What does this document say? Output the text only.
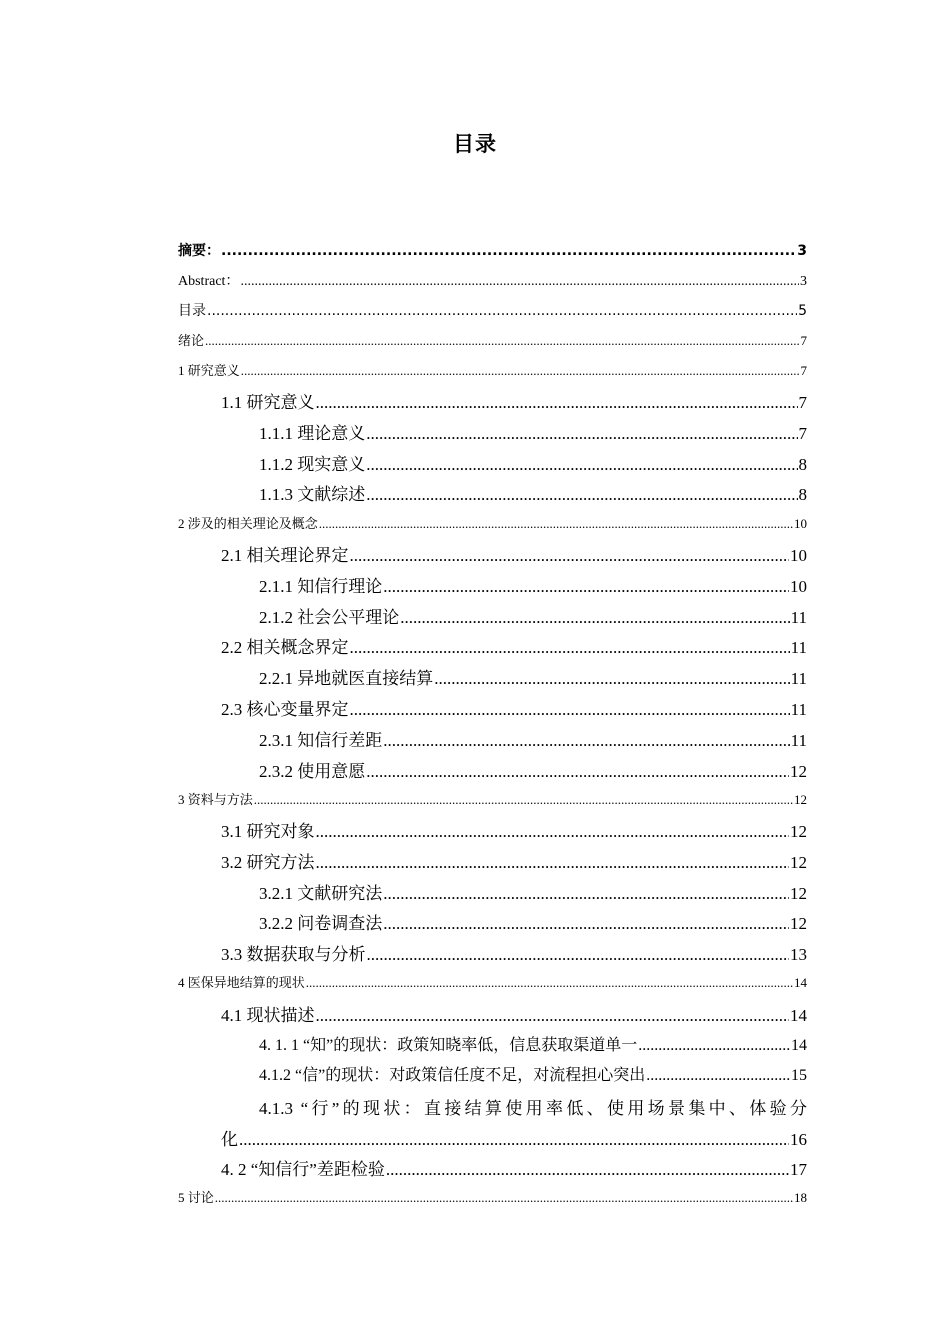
目录
摘要： .....	3
Abstract： .....	3
目录 .....	5
绪论 .....	7
1 研究意义 .....	7
1.1 研究意义 .....	7
1.1.1 理论意义 .....	7
1.1.2 现实意义 .....	8
1.1.3 文献综述 .....	8
2 涉及的相关理论及概念 .....	10
2.1 相关理论界定 .....	10
2.1.1 知信行理论 .....	10
2.1.2 社会公平理论 .....	11
2.2 相关概念界定 .....	11
2.2.1 异地就医直接结算 .....	11
2.3 核心变量界定 .....	11
2.3.1 知信行差距 .....	11
2.3.2 使用意愿 .....	12
3 资料与方法 .....	12
3.1 研究对象 .....	12
3.2 研究方法 .....	12
3.2.1 文献研究法 .....	12
3.2.2 问卷调查法 .....	12
3.3 数据获取与分析 .....	13
4 医保异地结算的现状 .....	14
4.1 现状描述 .....	14
4. 1. 1 “知”的现状：政策知晓率低，信息获取渠道单一 .....	14
4.1.2 “信”的现状：对政策信任度不足，对流程担心突出 .....	15
4.1.3 “行”的现状：直接结算使用率低、使用场景集中、体验分
化 .....	16
4. 2 “知信行”差距检验 .....	17
5 讨论 .....	18
